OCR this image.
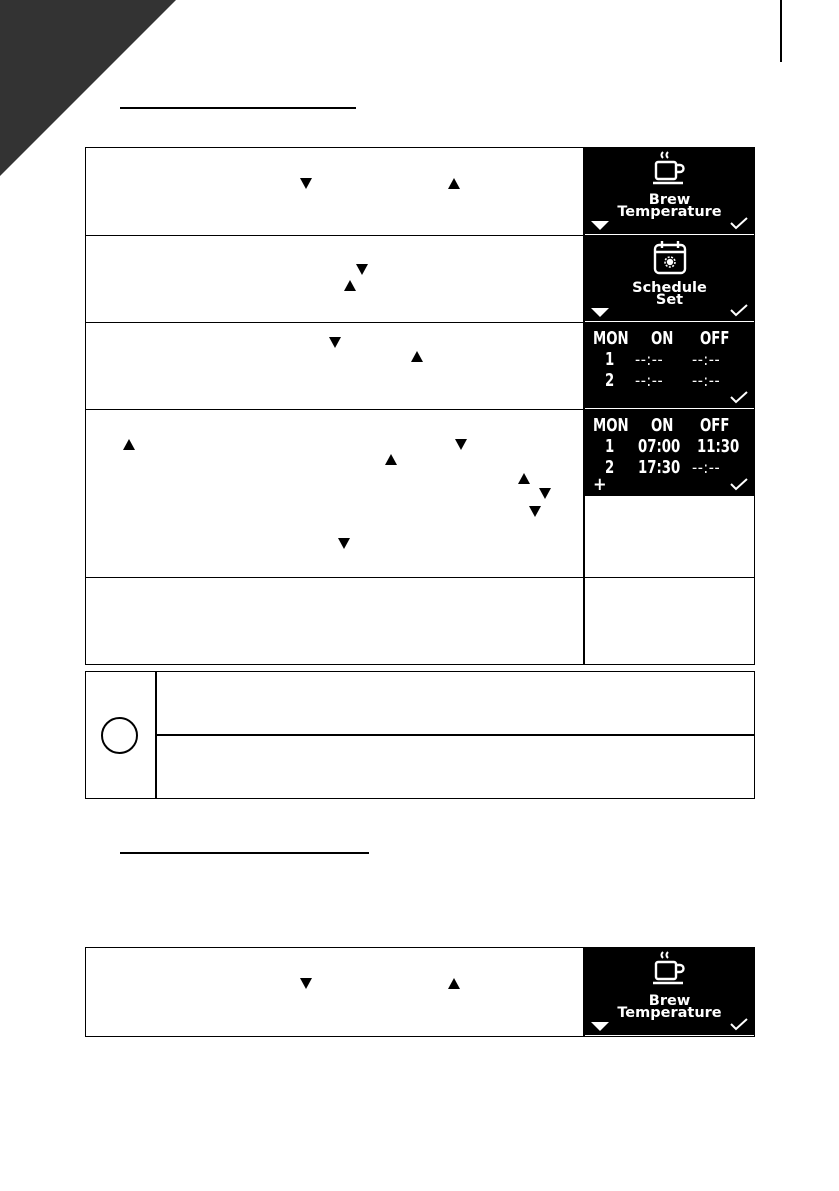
Brew
Temperature
Schedule
Set
MON ON OFF
1 --:-- --:--
2 --:-- --:--
MON ON OFF
1 07:00 11:30
2 17:30 --:--
+
Brew
Temperature
